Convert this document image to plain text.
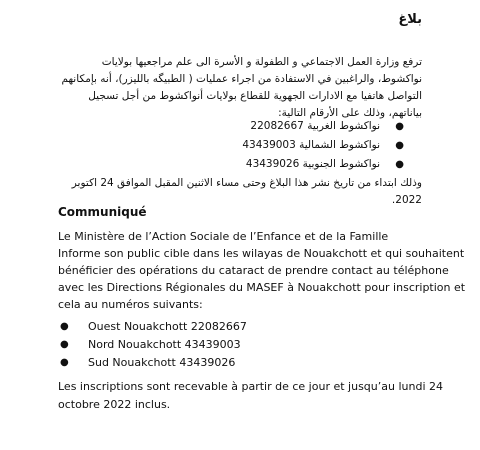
بلاغ
ترفع وزارة العمل الاجتماعي و الطفولة و الأسرة الى علم مراجعيها بولايات نواكشوط، والراغبين في الاستفادة من اجراء عمليات ( الطبيگه بالليزر)، أنه بإمكانهم التواصل هاتفيا مع الادارات الجهوية للقطاع بولايات أنواكشوط من أجل تسجيل بياناتهم، وذلك على الأرقام التالية:
●
نواكشوط الغربية 22082667
●
نواكشوط الشمالية 43439003
●
نواكشوط الجنوبية 43439026
وذلك ابتداء من تاريخ نشر هذا البلاغ وحتى مساء الاثنين المقبل الموافق 24 اكتوبر 2022.
Communiqué
Le Ministère de l’Action Sociale de l’Enfance et de la Famille
Informe son public cible dans les wilayas de Nouakchott et qui souhaitent
bénéficier des opérations du cataract de prendre contact au téléphone
avec les Directions Régionales du MASEF à Nouakchott pour inscription et
cela au numéros suivants:
● Ouest Nouakchott 22082667
● Nord Nouakchott 43439003
● Sud Nouakchott 43439026
Les inscriptions sont recevable à partir de ce jour et jusqu’au lundi 24
octobre 2022 inclus.
